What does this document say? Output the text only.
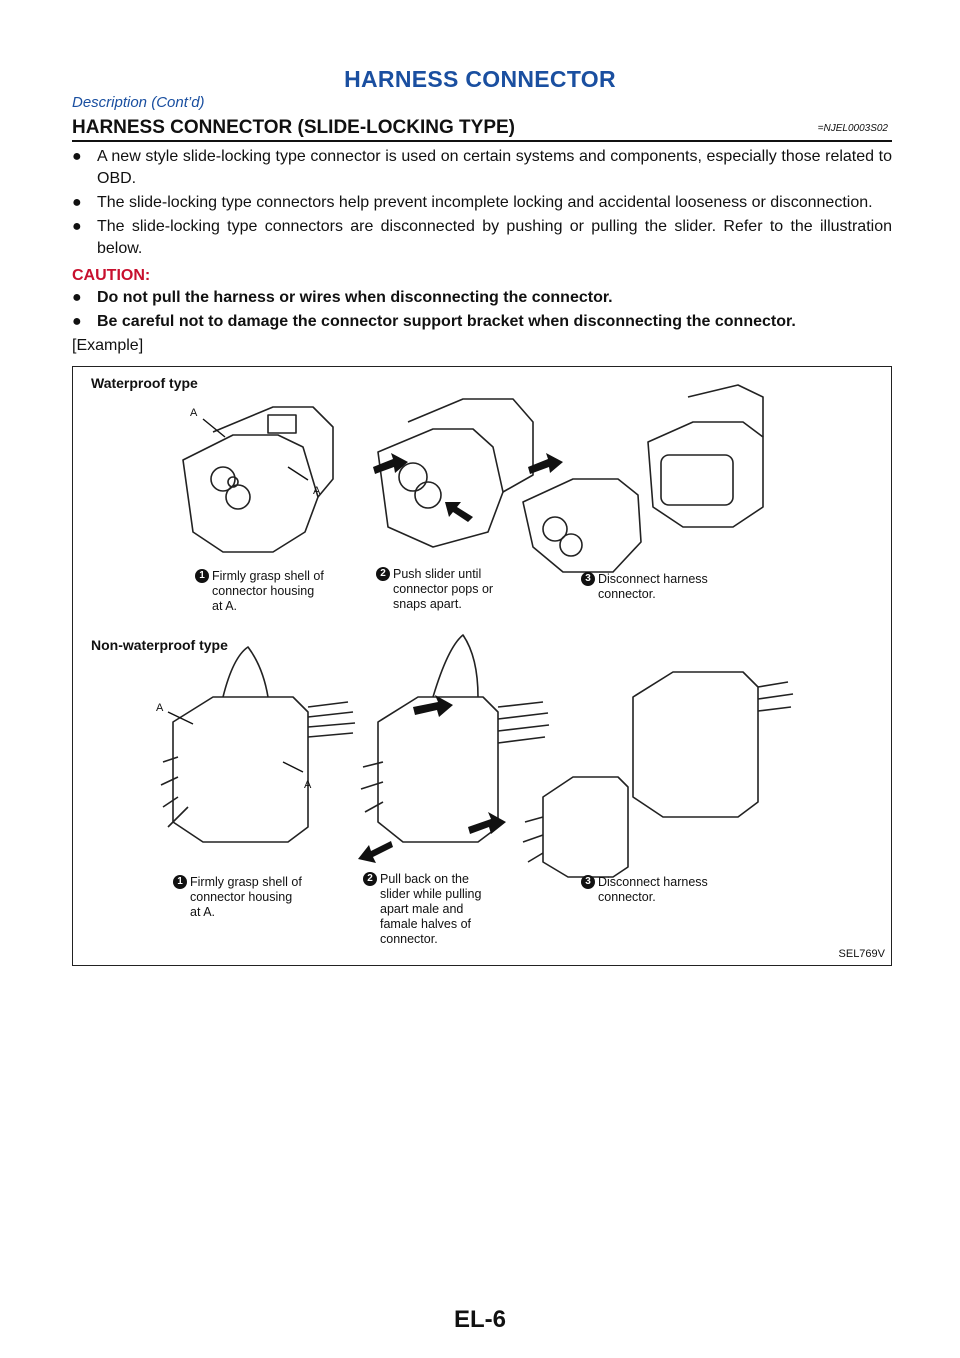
HARNESS CONNECTOR
Description (Cont’d)
HARNESS CONNECTOR (SLIDE-LOCKING TYPE)	=NJEL0003S02
● A new style slide-locking type connector is used on certain systems and components, especially those related to OBD.
● The slide-locking type connectors help prevent incomplete locking and accidental looseness or disconnection.
● The slide-locking type connectors are disconnected by pushing or pulling the slider. Refer to the illustration below.
CAUTION:
● Do not pull the harness or wires when disconnecting the connector.
● Be careful not to damage the connector support bracket when disconnecting the connector.
[Example]
Waterproof type
A
A
1 Firmly grasp shell of
connector housing
at A.
2 Push slider until
connector pops or
snaps apart.
3 Disconnect harness
connector.
Non-waterproof type
A
A
1 Firmly grasp shell of
connector housing
at A.
2 Pull back on the
slider while pulling
apart male and
famale halves of
connector.
3 Disconnect harness
connector.
SEL769V
EL-6
